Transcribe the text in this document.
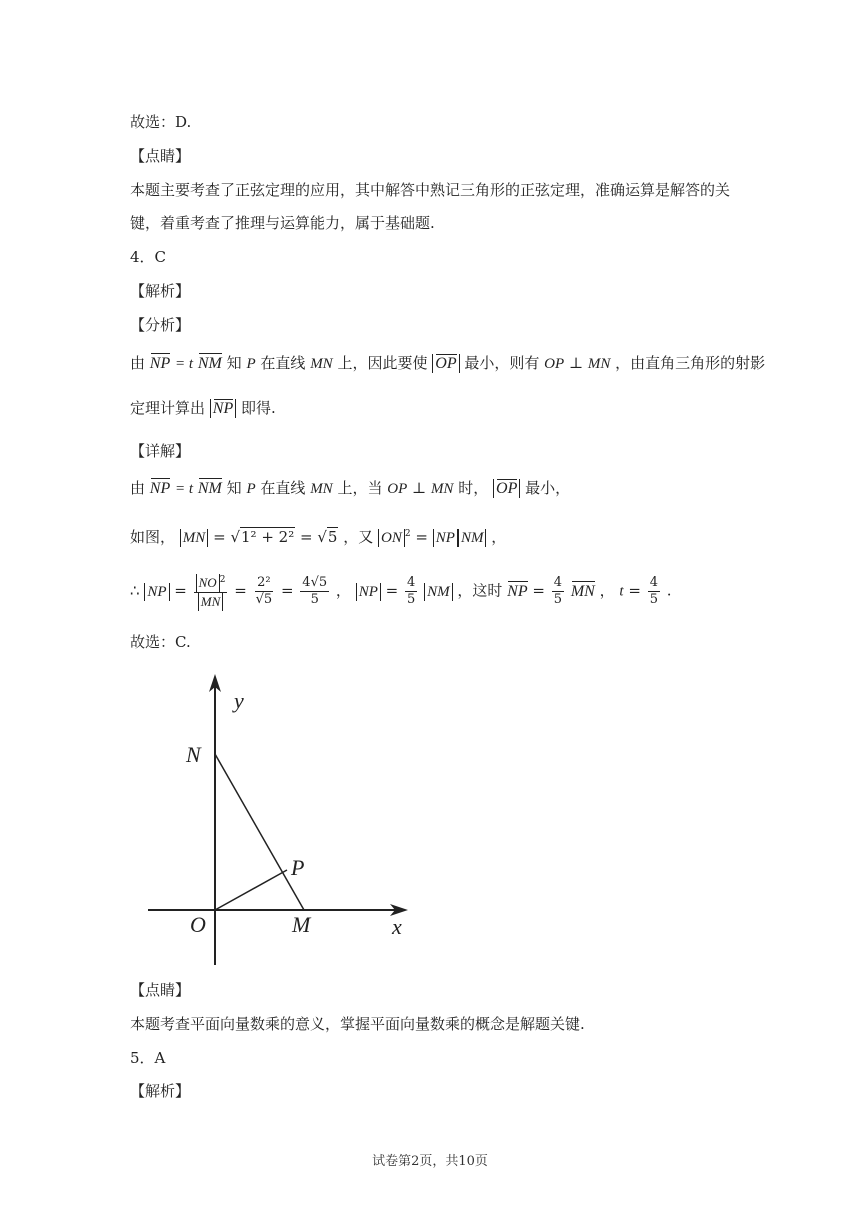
故选：D.
【点睛】
本题主要考查了正弦定理的应用，其中解答中熟记三角形的正弦定理，准确运算是解答的关
键，着重考查了推理与运算能力，属于基础题.
4．C
【解析】
【分析】
由 NP = t NM 知 P 在直线 MN 上，因此要使 OP 最小，则有 OP ⊥ MN ，由直角三角形的射影
定理计算出 NP 即得.
【详解】
由 NP = t NM 知 P 在直线 MN 上，当 OP ⊥ MN 时， OP 最小，
如图， MN = √1² + 2² = √5 ，又 ON $^2$ = NP NM ，
∴ NP = $\frac{NO ^2}{MN} = \frac{\text{2²}}{√5} = \frac{4√5}{5}$ ， NP = $\frac{4}{5}$ NM ，这时 NP = $\frac{4}{5}$ MN ， $t = \frac{4}{5}$ .
故选：C.
y
N
P
O	M	x
【点睛】
本题考查平面向量数乘的意义，掌握平面向量数乘的概念是解题关键.
5．A
【解析】
试卷第2页，共10页
